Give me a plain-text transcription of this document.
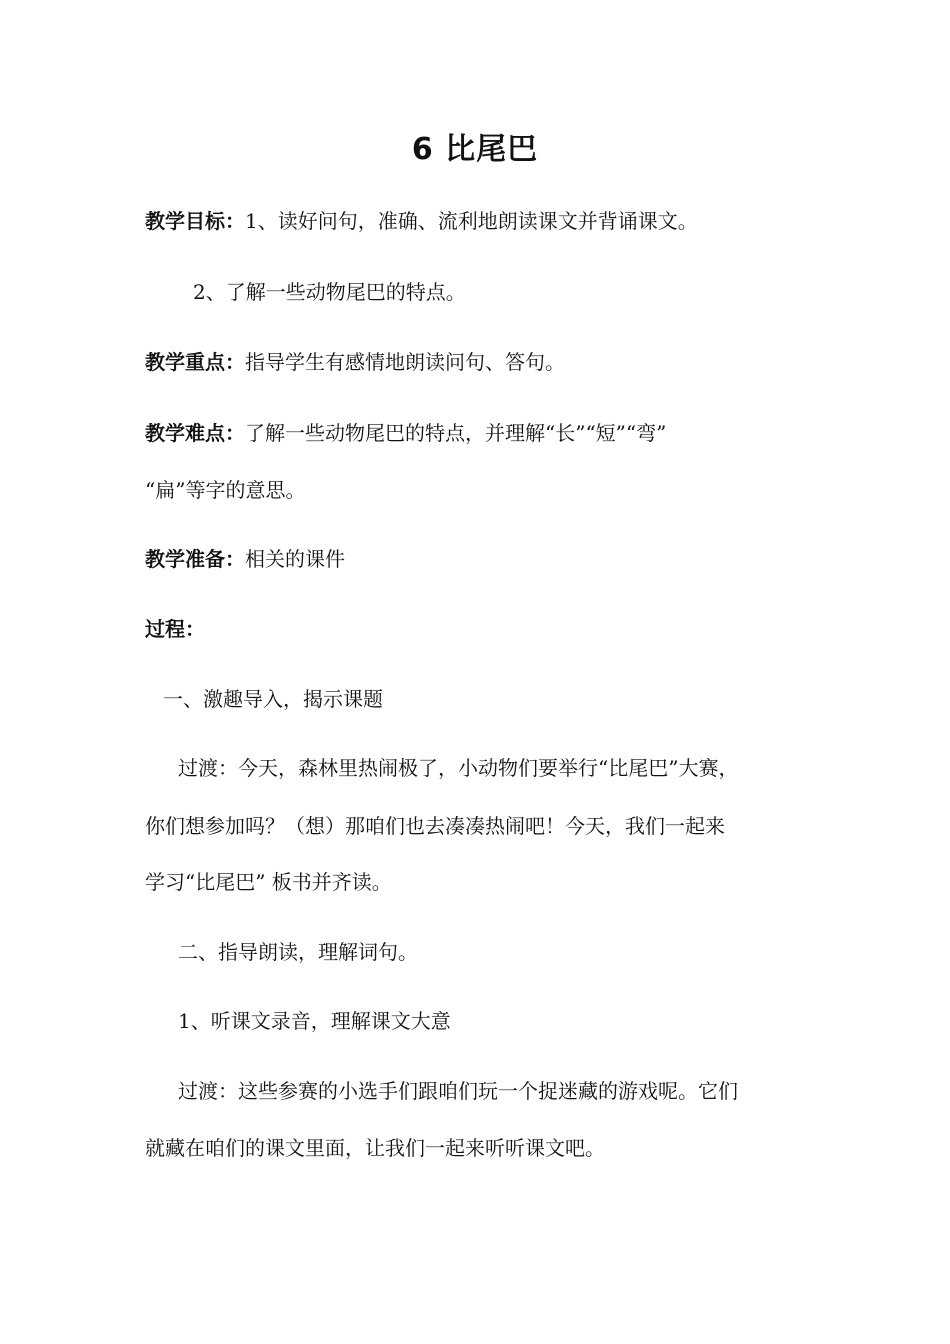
6 比尾巴
教学目标：1、读好问句，准确、流利地朗读课文并背诵课文。
2、了解一些动物尾巴的特点。
教学重点：指导学生有感情地朗读问句、答句。
教学难点：了解一些动物尾巴的特点，并理解“长”“短”“弯”
“扁”等字的意思。
教学准备：相关的课件
过程：
一、激趣导入，揭示课题
过渡：今天，森林里热闹极了，小动物们要举行“比尾巴”大赛，
你们想参加吗？（想）那咱们也去凑凑热闹吧！今天，我们一起来
学习“比尾巴” 板书并齐读。
二、指导朗读，理解词句。
1、听课文录音，理解课文大意
过渡：这些参赛的小选手们跟咱们玩一个捉迷藏的游戏呢。它们
就藏在咱们的课文里面，让我们一起来听听课文吧。
